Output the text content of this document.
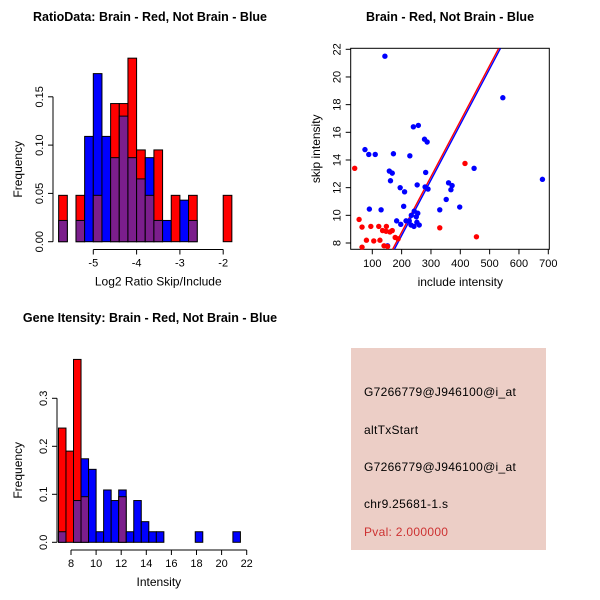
RatioData: Brain - Red, Not Brain - Blue
0.00
0.05
0.10
0.15
Frequency
-5	-4	-3	-2
Log2 Ratio Skip/Include
Brain - Red, Not Brain - Blue
100 200 300 400 500 600 700
8
10
12
14
16
18
20
22
include intensity
skip intensity
Gene Itensity: Brain - Red, Not Brain - Blue
0.0
0.1
0.2
0.3
Frequency
8 10 12 14 16 18 20 22
Intensity
G7266779@J946100@i_at
altTxStart
G7266779@J946100@i_at
chr9.25681-1.s
Pval: 2.000000
